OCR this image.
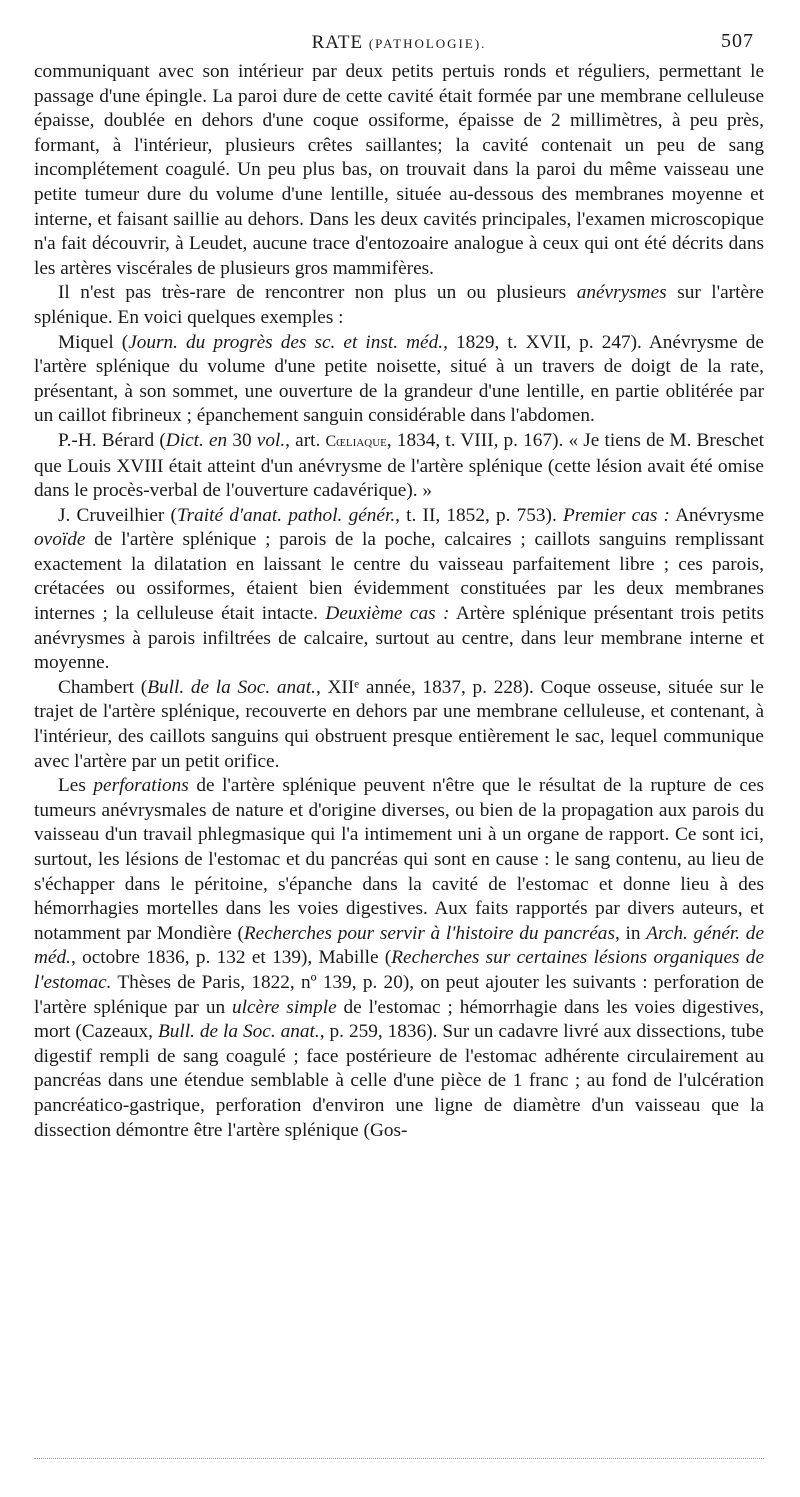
RATE (PATHOLOGIE).	507

communiquant avec son intérieur par deux petits pertuis ronds et réguliers, permettant le passage d'une épingle. La paroi dure de cette cavité était formée par une membrane celluleuse épaisse, doublée en dehors d'une coque ossiforme, épaisse de 2 millimètres, à peu près, formant, à l'intérieur, plusieurs crêtes saillantes; la cavité contenait un peu de sang incomplétement coagulé. Un peu plus bas, on trouvait dans la paroi du même vaisseau une petite tumeur dure du volume d'une lentille, située au-dessous des membranes moyenne et interne, et faisant saillie au dehors. Dans les deux cavités principales, l'examen microscopique n'a fait découvrir, à Leudet, aucune trace d'entozoaire analogue à ceux qui ont été décrits dans les artères viscérales de plusieurs gros mammifères.

Il n'est pas très-rare de rencontrer non plus un ou plusieurs anévrysmes sur l'artère splénique. En voici quelques exemples :

Miquel (Journ. du progrès des sc. et inst. méd., 1829, t. XVII, p. 247). Anévrysme de l'artère splénique du volume d'une petite noisette, situé à un travers de doigt de la rate, présentant, à son sommet, une ouverture de la grandeur d'une lentille, en partie oblitérée par un caillot fibrineux ; épanchement sanguin considérable dans l'abdomen.

P.-H. Bérard (Dict. en 30 vol., art. Cœliaque, 1834, t. VIII, p. 167). « Je tiens de M. Breschet que Louis XVIII était atteint d'un anévrysme de l'artère splénique (cette lésion avait été omise dans le procès-verbal de l'ouverture cadavérique). »

J. Cruveilhier (Traité d'anat. pathol. génér., t. II, 1852, p. 753). Premier cas : Anévrysme ovoïde de l'artère splénique ; parois de la poche, calcaires ; caillots sanguins remplissant exactement la dilatation en laissant le centre du vaisseau parfaitement libre ; ces parois, crétacées ou ossiformes, étaient bien évidemment constituées par les deux membranes internes ; la celluleuse était intacte. Deuxième cas : Artère splénique présentant trois petits anévrysmes à parois infiltrées de calcaire, surtout au centre, dans leur membrane interne et moyenne.

Chambert (Bull. de la Soc. anat., XIIᵉ année, 1837, p. 228). Coque osseuse, située sur le trajet de l'artère splénique, recouverte en dehors par une membrane celluleuse, et contenant, à l'intérieur, des caillots sanguins qui obstruent presque entièrement le sac, lequel communique avec l'artère par un petit orifice.

Les perforations de l'artère splénique peuvent n'être que le résultat de la rupture de ces tumeurs anévrysmales de nature et d'origine diverses, ou bien de la propagation aux parois du vaisseau d'un travail phlegmasique qui l'a intimement uni à un organe de rapport. Ce sont ici, surtout, les lésions de l'estomac et du pancréas qui sont en cause : le sang contenu, au lieu de s'échapper dans le péritoine, s'épanche dans la cavité de l'estomac et donne lieu à des hémorrhagies mortelles dans les voies digestives. Aux faits rapportés par divers auteurs, et notamment par Mondière (Recherches pour servir à l'histoire du pancréas, in Arch. génér. de méd., octobre 1836, p. 132 et 139), Mabille (Recherches sur certaines lésions organiques de l'estomac. Thèses de Paris, 1822, nº 139, p. 20), on peut ajouter les suivants : perforation de l'artère splénique par un ulcère simple de l'estomac ; hémorrhagie dans les voies digestives, mort (Cazeaux, Bull. de la Soc. anat., p. 259, 1836). Sur un cadavre livré aux dissections, tube digestif rempli de sang coagulé ; face postérieure de l'estomac adhérente circulairement au pancréas dans une étendue semblable à celle d'une pièce de 1 franc ; au fond de l'ulcération pancréatico-gastrique, perforation d'environ une ligne de diamètre d'un vaisseau que la dissection démontre être l'artère splénique (Gos-
